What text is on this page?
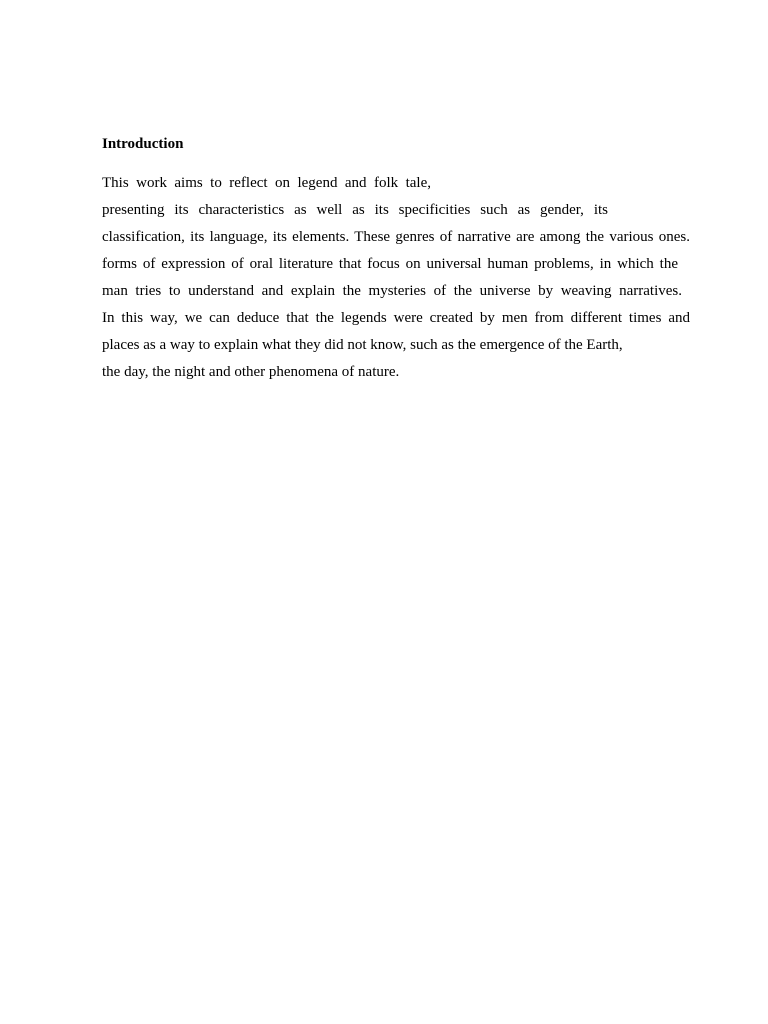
Introduction
This work aims to reflect on legend and folk tale,
presenting its characteristics as well as its specificities such as gender, its
classification, its language, its elements. These genres of narrative are among the various ones.
forms of expression of oral literature that focus on universal human problems, in which the
man tries to understand and explain the mysteries of the universe by weaving narratives.
In this way, we can deduce that the legends were created by men from different times and
places as a way to explain what they did not know, such as the emergence of the Earth,
the day, the night and other phenomena of nature.
